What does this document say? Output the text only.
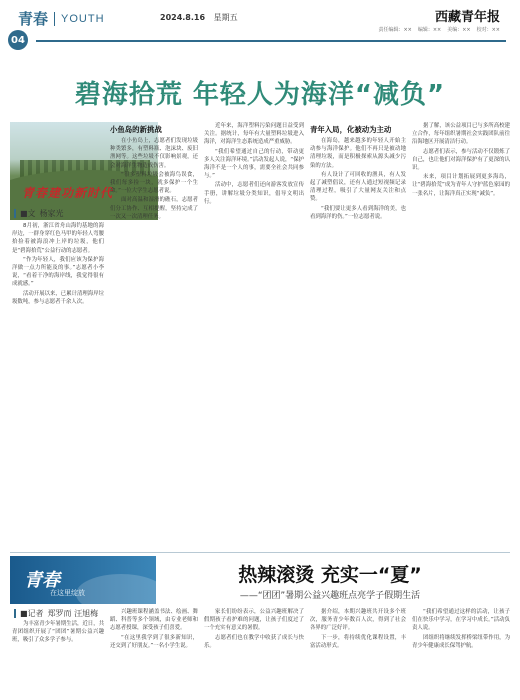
青春 YOUTH	2024.8.16 星期五	西藏青年报
责任编辑：×× 编辑：×× 美编：×× 校对：××
04
碧海拾荒 年轻人为海洋“减负”
青春建功新时代
■文 杨家光

8月初，浙江省舟山海钓基地的海岸边，一群身穿红色马甲的年轻人弯腰拾捡着被海浪冲上岸的垃圾，他们是“碧海拾荒”公益行动的志愿者。

“作为年轻人，我们应该为保护海洋做一点力所能及的事。”志愿者小李说，“看着干净的海岸线，我觉得很有成就感。”

活动开展以来，已累计清理海岸垃圾数吨，参与志愿者千余人次。

小鱼岛的新挑战

在小鱼岛上，志愿者们发现垃圾种类繁多，有塑料瓶、泡沫块、废旧渔网等。这些垃圾不仅影响景观，还会对海洋生物造成伤害。

“很多塑料垃圾会被海鸟误食，我们每多捡一块，就多保护一个生命。”一位大学生志愿者说。

面对高温和湿滑的礁石，志愿者们分工协作、互相提醒，坚持完成了一次又一次清理任务。

近年来，海洋塑料污染问题日益受到关注。据统计，每年有大量塑料垃圾进入海洋，对海洋生态系统造成严重威胁。

“我们希望通过自己的行动，带动更多人关注海洋环境。”活动发起人说，“保护海洋不是一个人的事，需要全社会共同参与。”

活动中，志愿者们还向游客发放宣传手册，讲解垃圾分类知识，倡导文明出行。

青年入局，化被动为主动

在海岛，越来越多的年轻人开始主动参与海洋保护。他们不再只是被动地清理垃圾，而是积极探索从源头减少污染的方法。

有人设计了可回收的渔具，有人发起了减塑倡议，还有人通过短视频记录清理过程，吸引了大量网友关注和点赞。

“我们要让更多人看到海洋的美，也看到海洋的伤。”一位志愿者说。

据了解，该公益项目已与多所高校建立合作，每年组织暑期社会实践团队前往沿海地区开展清洁行动。

志愿者们表示，参与活动不仅锻炼了自己，也让他们对海洋保护有了更深的认识。

未来，项目计划拓展到更多海岛，让“碧海拾荒”成为青年人守护蓝色家园的一张名片，让海洋真正实现“减负”。

青春
在这里绽放
热辣滚烫 充实一“夏”
——“团团”暑期公益兴趣班点亮学子假期生活
■记者 郑罗而 汪旭梅

为丰富青少年暑期生活，近日，共青团组织开展了“团团”暑期公益兴趣班，吸引了众多学子参与。

兴趣班课程涵盖书法、绘画、舞蹈、科普等多个领域，由专业老师和志愿者授课，深受孩子们喜爱。

“在这里我学到了很多新知识，还交到了好朋友。”一名小学生说。

家长们纷纷表示，公益兴趣班解决了假期孩子看护难的问题，让孩子们度过了一个充实有意义的暑假。

志愿者们也在教学中收获了成长与快乐。

据介绍，本期兴趣班共开设多个班次，服务青少年数百人次，得到了社会各界的广泛好评。

下一步，将持续优化课程设置，丰富活动形式。

“我们希望通过这样的活动，让孩子们在快乐中学习，在学习中成长。”活动负责人说。

团组织将继续发挥桥梁纽带作用，为青少年健康成长保驾护航。
